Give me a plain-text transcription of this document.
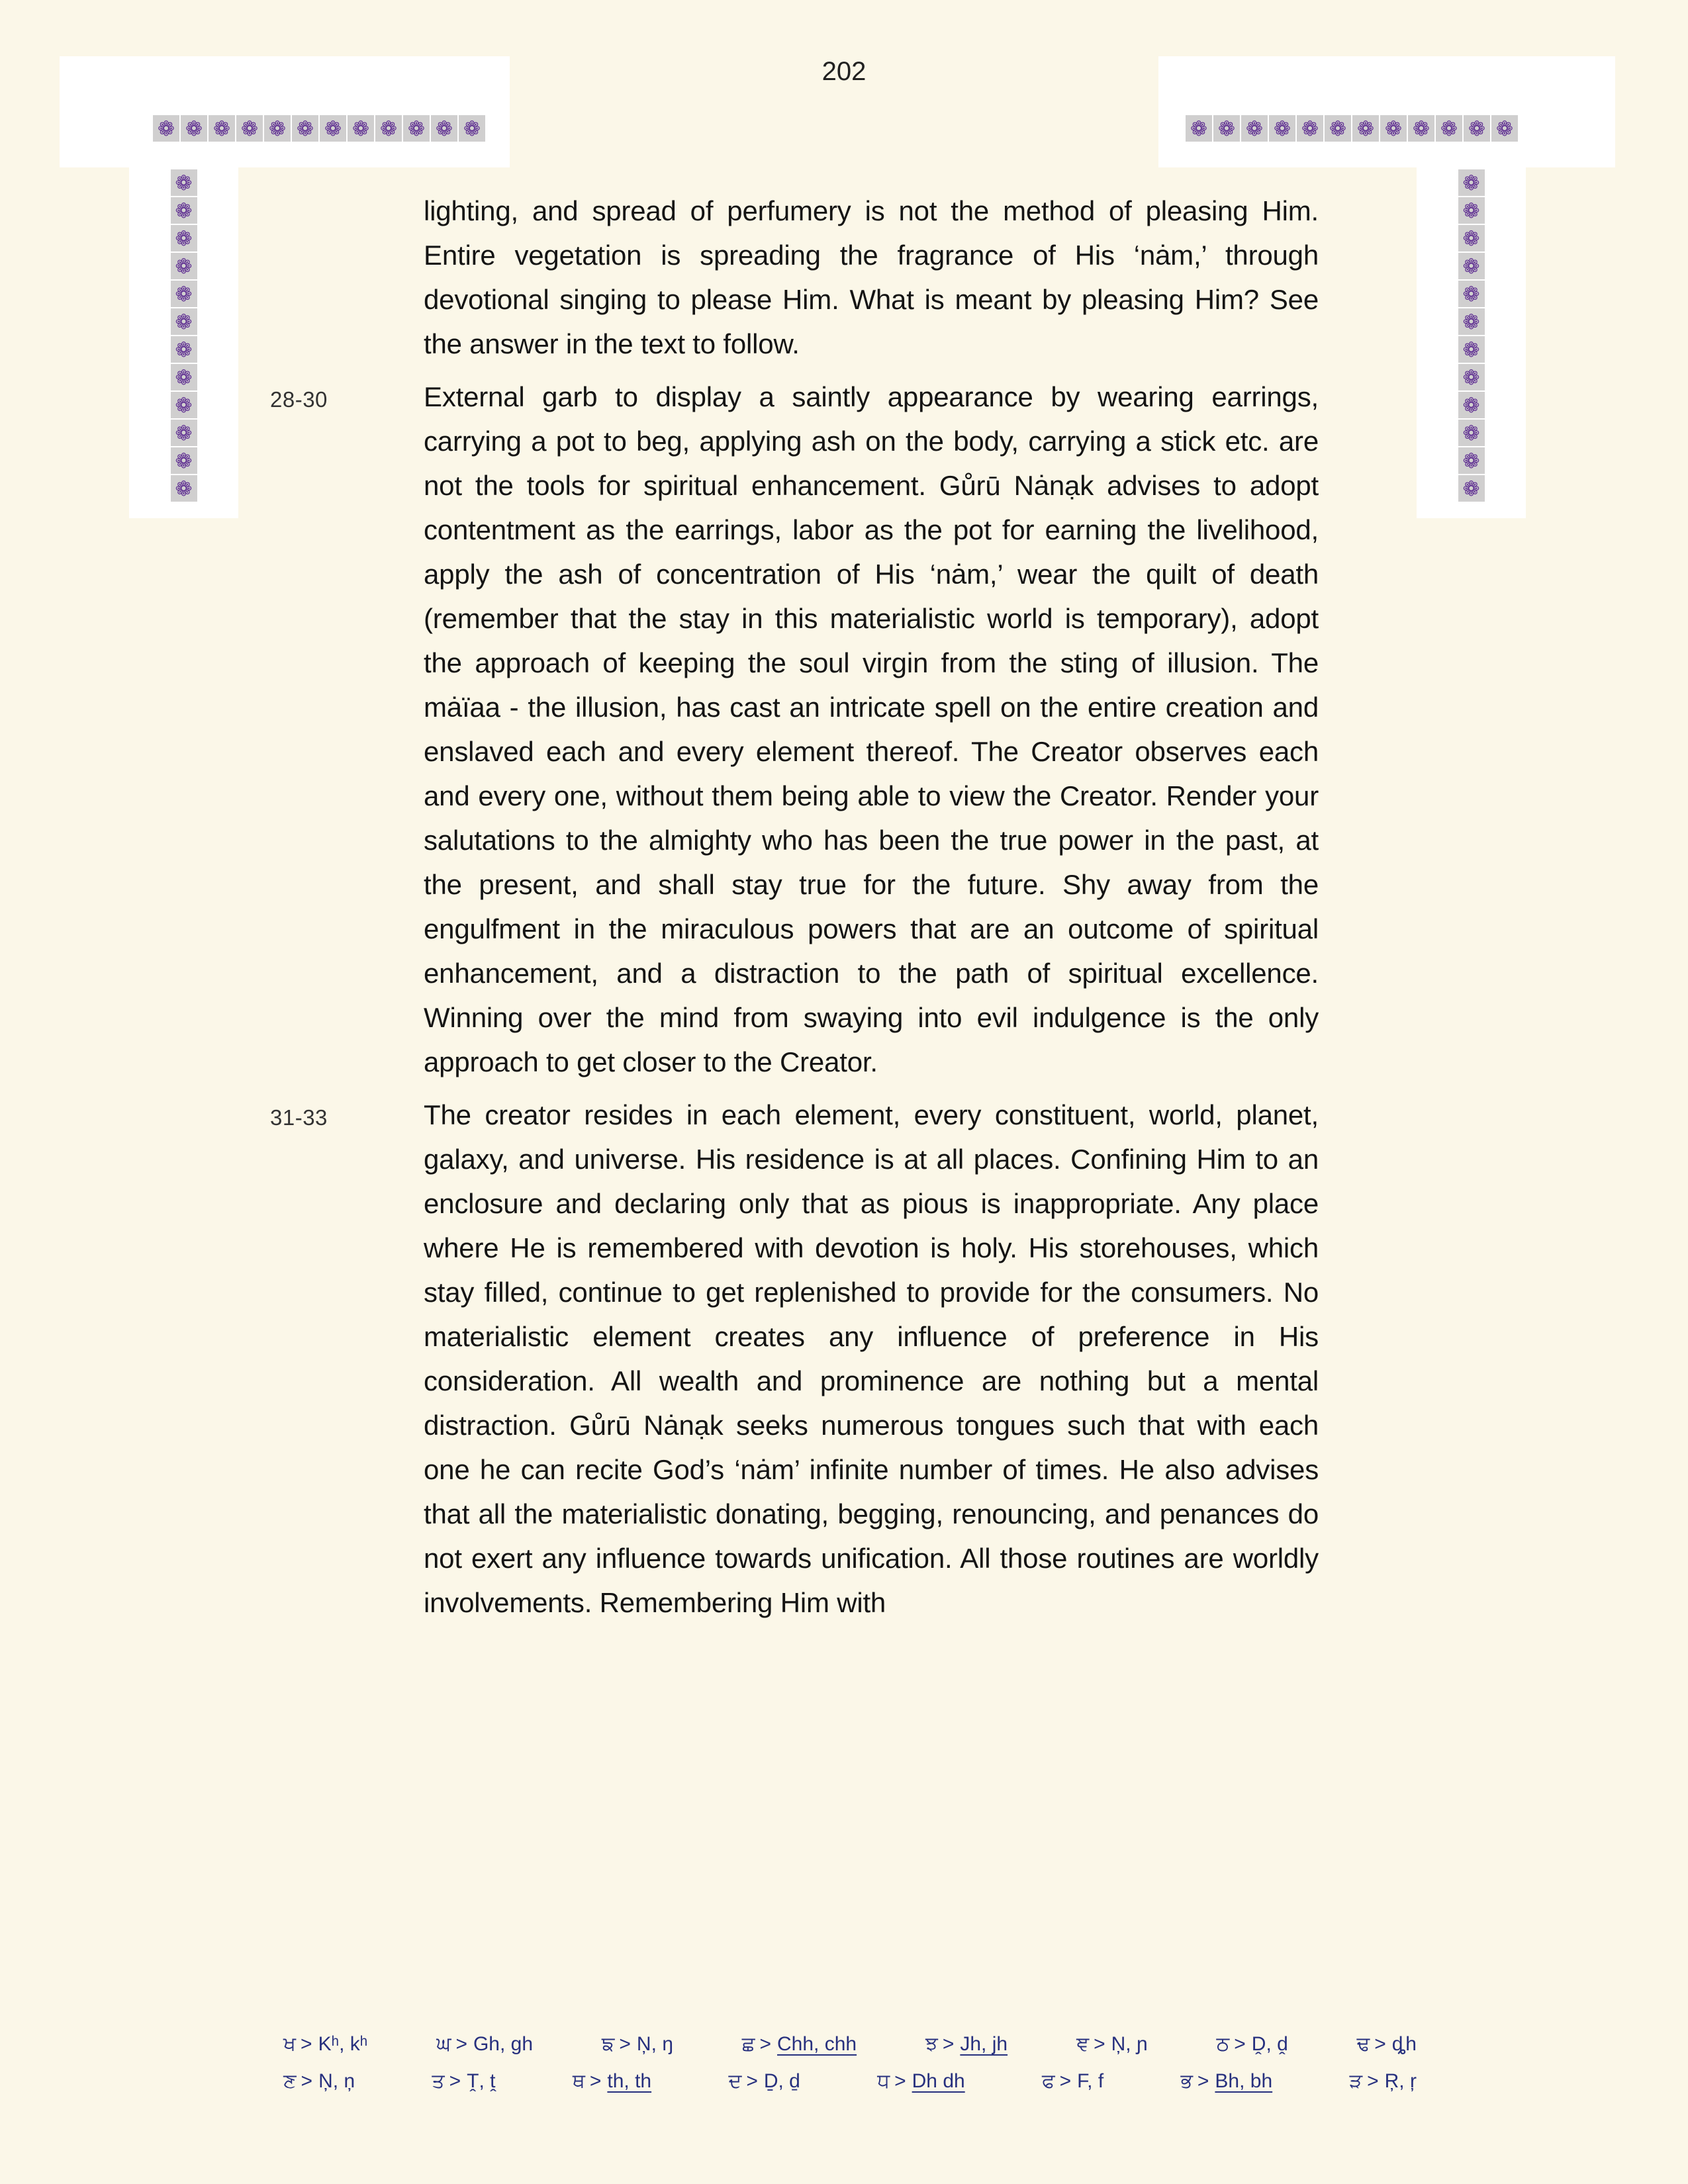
❁ ❁ ❁ ❁ ❁ ❁ ❁ ❁ ❁ ❁ ❁ ❁	❁ ❁ ❁ ❁ ❁ ❁ ❁ ❁ ❁ ❁ ❁ ❁
❁
❁
❁
❁
❁
❁
❁
❁
❁
❁
❁
❁
❁
❁
❁
❁
❁
❁
❁
❁
❁
❁
❁
❁
202
lighting, and spread of perfumery is not the method of pleasing Him. Entire vegetation is spreading the fragrance of His ‘nȧm,’ through devotional singing to please Him. What is meant by pleasing Him? See the answer in the text to follow.
28-30	External garb to display a saintly appearance by wearing earrings, carrying a pot to beg, applying ash on the body, carrying a stick etc. are not the tools for spiritual enhancement. Gůrū Nȧnạk advises to adopt contentment as the earrings, labor as the pot for earning the livelihood, apply the ash of concentration of His ‘nȧm,’ wear the quilt of death (remember that the stay in this materialistic world is temporary), adopt the approach of keeping the soul virgin from the sting of illusion. The mȧïaa - the illusion, has cast an intricate spell on the entire creation and enslaved each and every element thereof. The Creator observes each and every one, without them being able to view the Creator. Render your salutations to the almighty who has been the true power in the past, at the present, and shall stay true for the future. Shy away from the engulfment in the miraculous powers that are an outcome of spiritual enhancement, and a distraction to the path of spiritual excellence. Winning over the mind from swaying into evil indulgence is the only approach to get closer to the Creator.
31-33	The creator resides in each element, every constituent, world, planet, galaxy, and universe. His residence is at all places. Confining Him to an enclosure and declaring only that as pious is inappropriate. Any place where He is remembered with devotion is holy. His storehouses, which stay filled, continue to get replenished to provide for the consumers. No materialistic element creates any influence of preference in His consideration. All wealth and prominence are nothing but a mental distraction. Gůrū Nȧnạk seeks numerous tongues such that with each one he can recite God’s ‘nȧm’ infinite number of times. He also advises that all the materialistic donating, begging, renouncing, and penances do not exert any influence towards unification. All those routines are worldly involvements. Remembering Him with
ਖ > Kʰ, kʰ	ਘ > Gh, gh	ਙ > Ņ, ŋ	ਛ > Chh, chh	ਝ > Jh, jh	ਞ > Ņ, ɲ	ਠ > Ḓ, ḓ	ਢ > ȡh
ਣ > Ņ, ņ	ਤ > Ṱ, ṱ	ਥ > th, th	ਦ > Ḏ, ḏ	ਧ > Dh dh	ਫ > F, f	ਭ > Bh, bh	ੜ > Ŗ, ŗ
